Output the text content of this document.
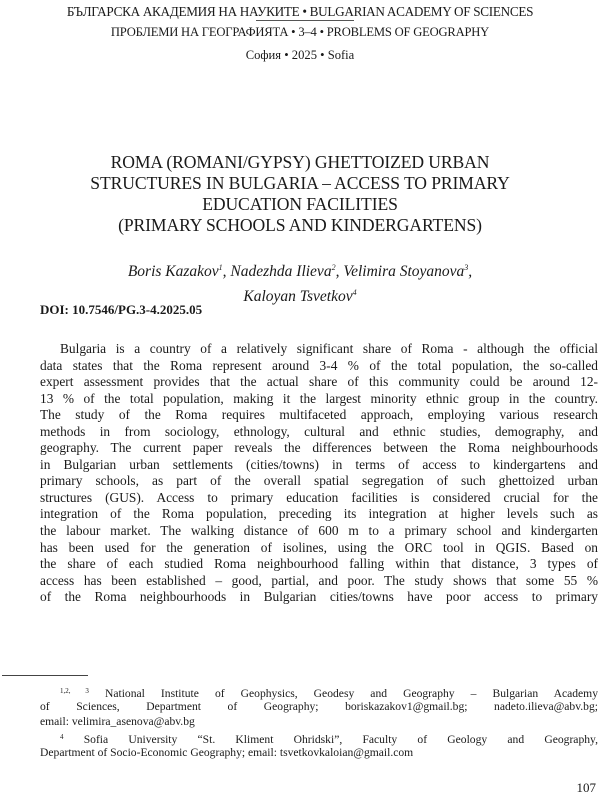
БЪЛГАРСКА АКАДЕМИЯ НА НАУКИТЕ • BULGARIAN ACADEMY OF SCIENCES
ПРОБЛЕМИ НА ГЕОГРАФИЯТА • 3–4 • PROBLEMS OF GEOGRAPHY
София • 2025 • Sofia
ROMA (ROMANI/GYPSY) GHETTOIZED URBAN
STRUCTURES IN BULGARIA – ACCESS TO PRIMARY
EDUCATION FACILITIES
(PRIMARY SCHOOLS AND KINDERGARTENS)
Boris Kazakov$^1$, Nadezhda Ilieva$^2$, Velimira Stoyanova$^3$,
Kaloyan Tsvetkov$^4$
DOI: 10.7546/PG.3-4.2025.05
Bulgaria is a country of a relatively significant share of Roma - although the official
data states that the Roma represent around 3-4 % of the total population, the so-called
expert assessment provides that the actual share of this community could be around 12-
13 % of the total population, making it the largest minority ethnic group in the country.
The study of the Roma requires multifaceted approach, employing various research
methods in from sociology, ethnology, cultural and ethnic studies, demography, and
geography. The current paper reveals the differences between the Roma neighbourhoods
in Bulgarian urban settlements (cities/towns) in terms of access to kindergartens and
primary schools, as part of the overall spatial segregation of such ghettoized urban
structures (GUS). Access to primary education facilities is considered crucial for the
integration of the Roma population, preceding its integration at higher levels such as
the labour market. The walking distance of 600 m to a primary school and kindergarten
has been used for the generation of isolines, using the ORC tool in QGIS. Based on
the share of each studied Roma neighbourhood falling within that distance, 3 types of
access has been established – good, partial, and poor. The study shows that some 55 %
of the Roma neighbourhoods in Bulgarian cities/towns have poor access to primary
$^{1,2, 3}$ National Institute of Geophysics, Geodesy and Geography – Bulgarian Academy
of Sciences, Department of Geography; boriskazakov1@gmail.bg; nadeto.ilieva@abv.bg;
email: velimira_asenova@abv.bg
$^4$ Sofia University “St. Kliment Ohridski”, Faculty of Geology and Geography,
Department of Socio-Economic Geography; email: tsvetkovkaloian@gmail.com
107
